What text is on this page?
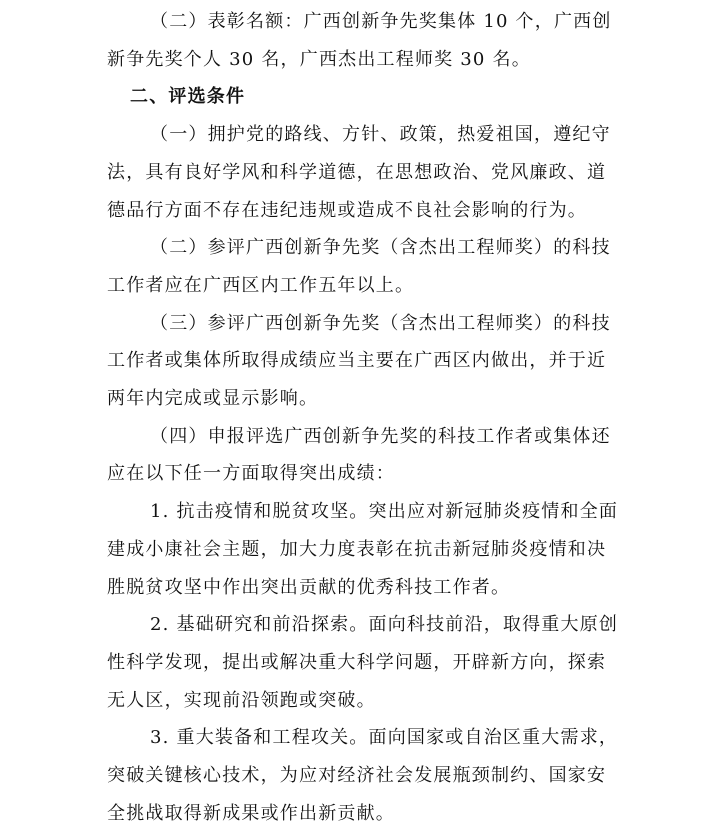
（二）表彰名额：广西创新争先奖集体 10 个，广西创
新争先奖个人 30 名，广西杰出工程师奖 30 名。
二、评选条件
（一）拥护党的路线、方针、政策，热爱祖国，遵纪守
法，具有良好学风和科学道德，在思想政治、党风廉政、道
德品行方面不存在违纪违规或造成不良社会影响的行为。
（二）参评广西创新争先奖（含杰出工程师奖）的科技
工作者应在广西区内工作五年以上。
（三）参评广西创新争先奖（含杰出工程师奖）的科技
工作者或集体所取得成绩应当主要在广西区内做出，并于近
两年内完成或显示影响。
（四）申报评选广西创新争先奖的科技工作者或集体还
应在以下任一方面取得突出成绩：
1. 抗击疫情和脱贫攻坚。突出应对新冠肺炎疫情和全面
建成小康社会主题，加大力度表彰在抗击新冠肺炎疫情和决
胜脱贫攻坚中作出突出贡献的优秀科技工作者。
2. 基础研究和前沿探索。面向科技前沿，取得重大原创
性科学发现，提出或解决重大科学问题，开辟新方向，探索
无人区，实现前沿领跑或突破。
3. 重大装备和工程攻关。面向国家或自治区重大需求，
突破关键核心技术，为应对经济社会发展瓶颈制约、国家安
全挑战取得新成果或作出新贡献。
